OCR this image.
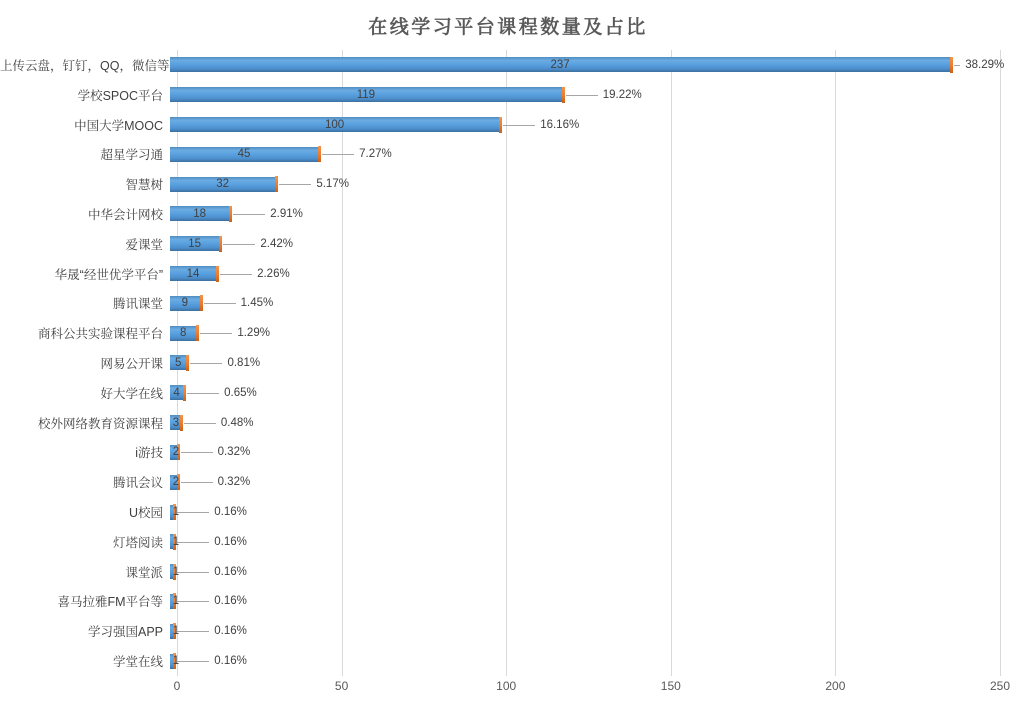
在线学习平台课程数量及占比
上传云盘，钉钉，QQ，微信等	237	38.29%
学校SPOC平台	119	19.22%
中国大学MOOC	100	16.16%
超星学习通	45	7.27%
智慧树	32	5.17%
中华会计网校	18	2.91%
爱课堂	15	2.42%
华晟“经世优学平台”	14	2.26%
腾讯课堂	9	1.45%
商科公共实验课程平台	8	1.29%
网易公开课	5	0.81%
好大学在线 4	0.65%
校外网络教育资源课程 3	0.48%
i游技 2	0.32%
腾讯会议 2	0.32%
U校园 1	0.16%
灯塔阅读 1	0.16%
课堂派 1	0.16%
喜马拉雅FM平台等 1	0.16%
学习强国APP 1	0.16%
学堂在线 1	0.16%
0	50	100	150	200	250
